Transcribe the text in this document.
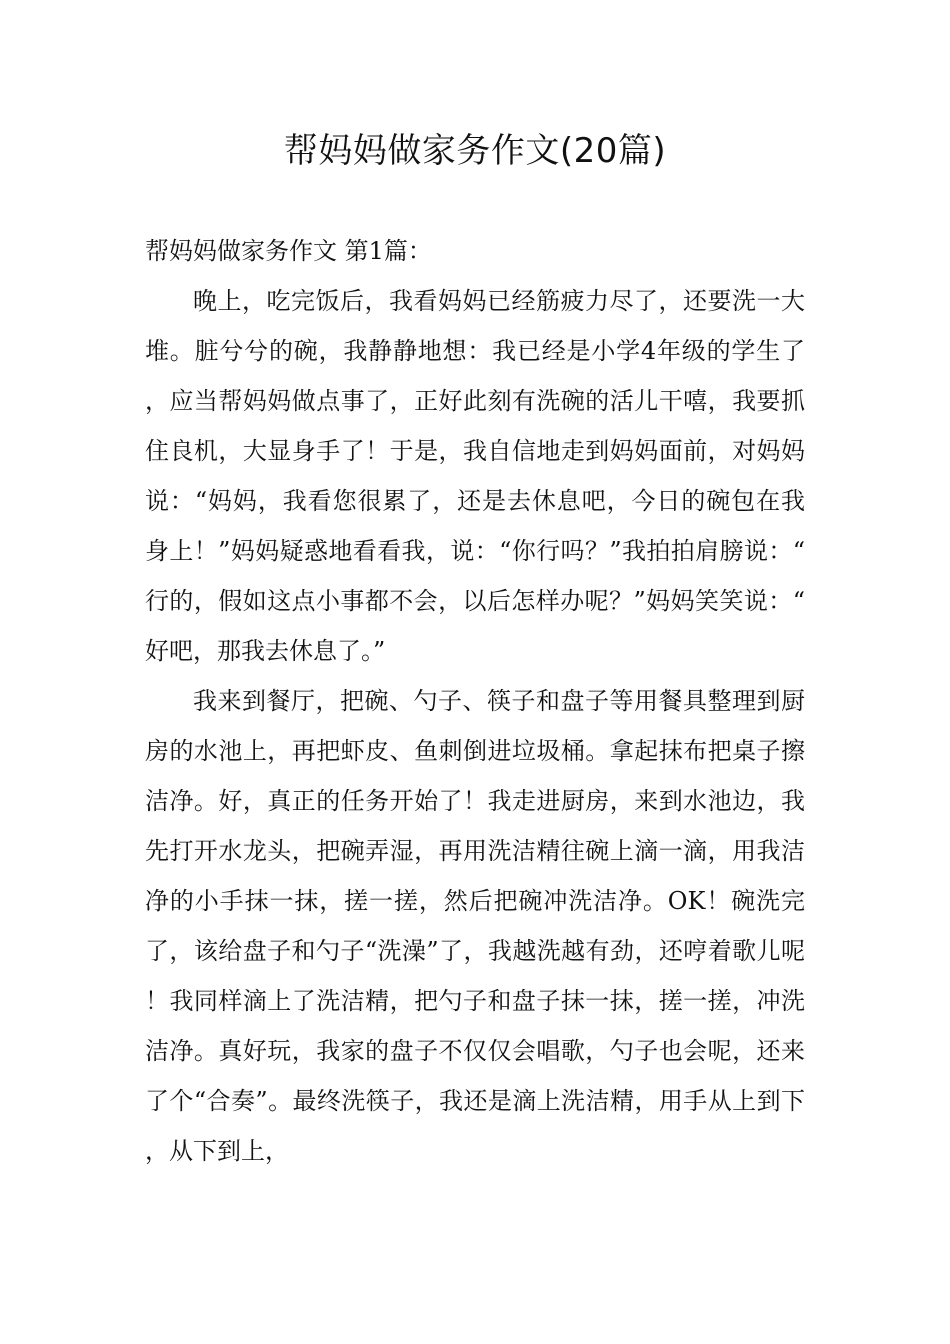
帮妈妈做家务作文(20篇)

帮妈妈做家务作文 第1篇：

晚上，吃完饭后，我看妈妈已经筋疲力尽了，还要洗一大堆。脏兮兮的碗，我静静地想：我已经是小学4年级的学生了，应当帮妈妈做点事了，正好此刻有洗碗的活儿干嘻，我要抓住良机，大显身手了！于是，我自信地走到妈妈面前，对妈妈说：“妈妈，我看您很累了，还是去休息吧，今日的碗包在我身上！”妈妈疑惑地看看我，说：“你行吗？”我拍拍肩膀说：“行的，假如这点小事都不会，以后怎样办呢？”妈妈笑笑说：“好吧，那我去休息了。”

我来到餐厅，把碗、勺子、筷子和盘子等用餐具整理到厨房的水池上，再把虾皮、鱼刺倒进垃圾桶。拿起抹布把桌子擦洁净。好，真正的任务开始了！我走进厨房，来到水池边，我先打开水龙头，把碗弄湿，再用洗洁精往碗上滴一滴，用我洁净的小手抹一抹，搓一搓，然后把碗冲洗洁净。OK！碗洗完了，该给盘子和勺子“洗澡”了，我越洗越有劲，还哼着歌儿呢！我同样滴上了洗洁精，把勺子和盘子抹一抹，搓一搓，冲洗洁净。真好玩，我家的盘子不仅仅会唱歌，勺子也会呢，还来了个“合奏”。最终洗筷子，我还是滴上洗洁精，用手从上到下，从下到上，
